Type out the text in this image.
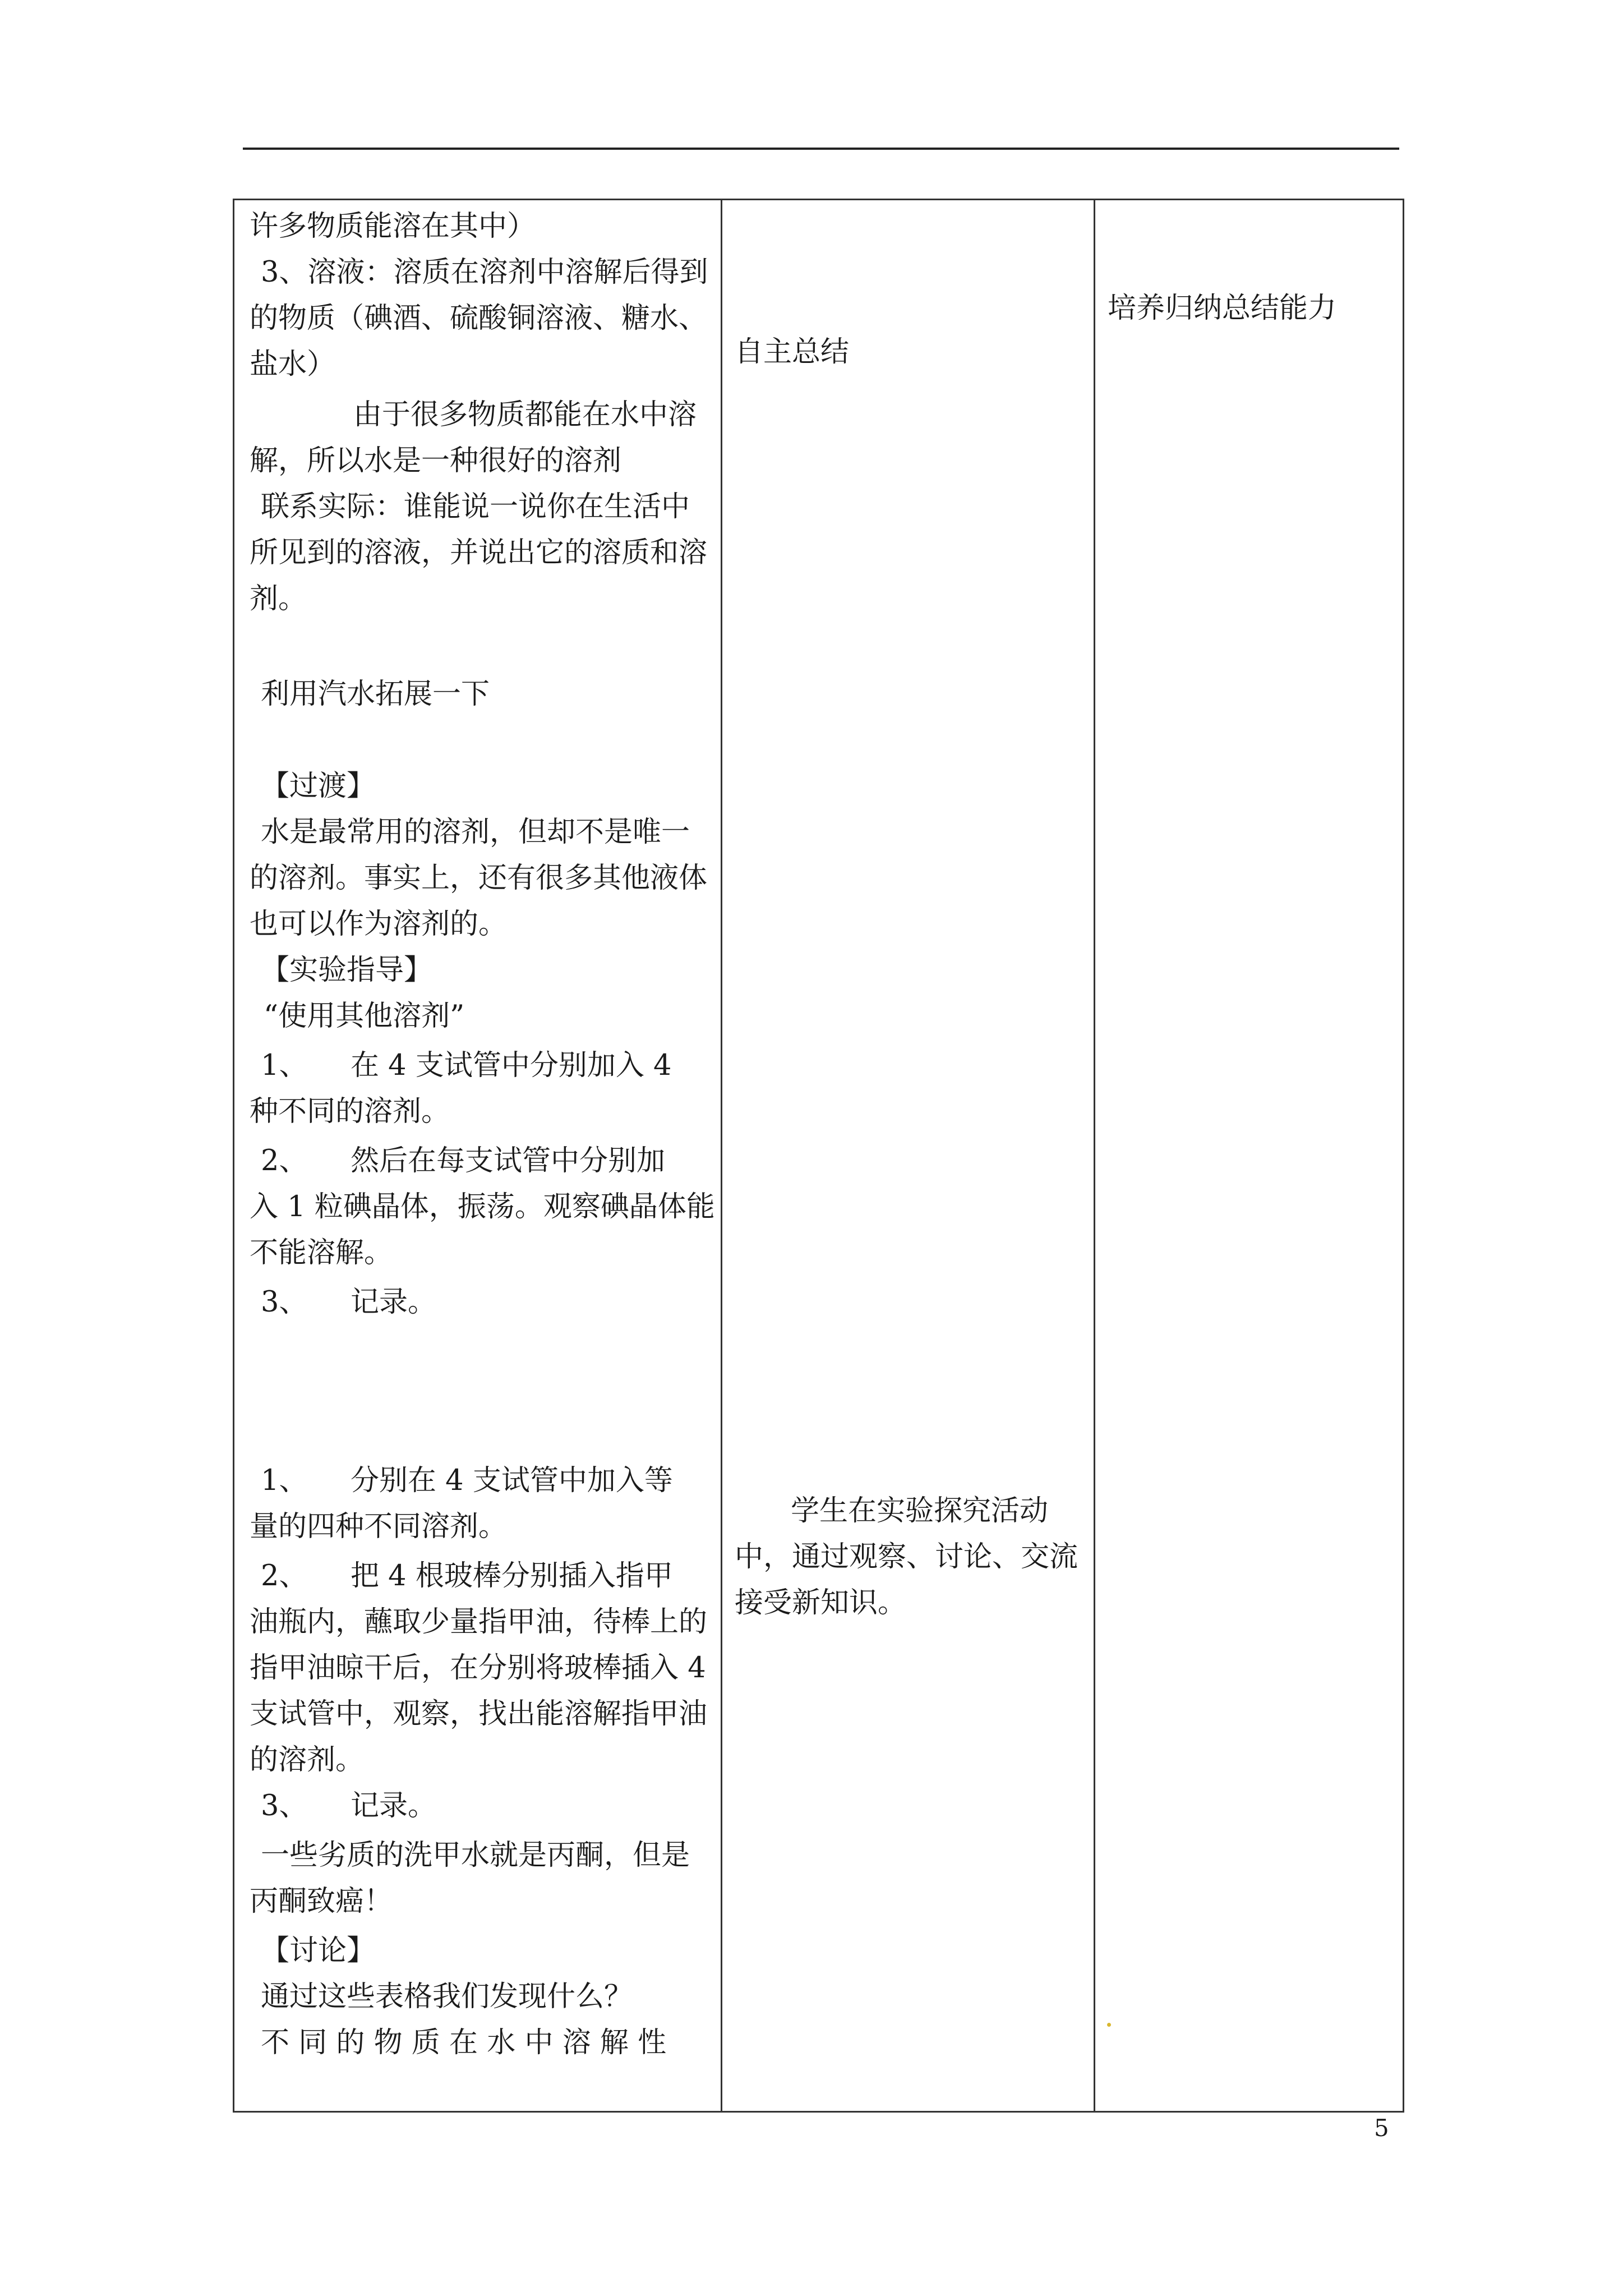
许多物质能溶在其中）
3、溶液：溶质在溶剂中溶解后得到
的物质（碘酒、硫酸铜溶液、糖水、
盐水）
由于很多物质都能在水中溶
解，所以水是一种很好的溶剂
联系实际：谁能说一说你在生活中
所见到的溶液，并说出它的溶质和溶
剂。
利用汽水拓展一下
【过渡】
水是最常用的溶剂，但却不是唯一
的溶剂。事实上，还有很多其他液体
也可以作为溶剂的。
【实验指导】
“使用其他溶剂”
1、　　在 4 支试管中分别加入 4
种不同的溶剂。
2、　　然后在每支试管中分别加
入 1 粒碘晶体，振荡。观察碘晶体能
不能溶解。
3、　　记录。
1、　　分别在 4 支试管中加入等
量的四种不同溶剂。
2、　　把 4 根玻棒分别插入指甲
油瓶内，蘸取少量指甲油，待棒上的
指甲油晾干后，在分别将玻棒插入 4
支试管中，观察，找出能溶解指甲油
的溶剂。
3、　　记录。
一些劣质的洗甲水就是丙酮，但是
丙酮致癌！
【讨论】
通过这些表格我们发现什么？
不 同 的 物 质 在 水 中 溶 解 性
自主总结
学生在实验探究活动
中，通过观察、讨论、交流
接受新知识。
培养归纳总结能力
5
